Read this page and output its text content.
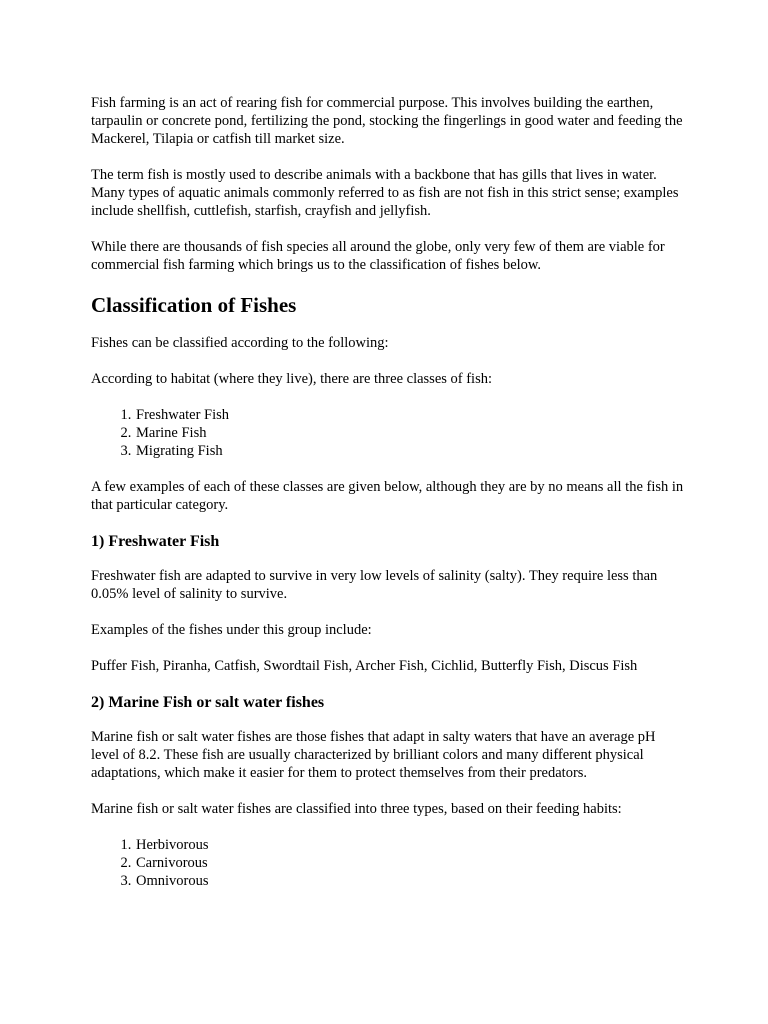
Fish farming is an act of rearing fish for commercial purpose. This involves building the earthen, tarpaulin or concrete pond, fertilizing the pond, stocking the fingerlings in good water and feeding the Mackerel, Tilapia or catfish till market size.

The term fish is mostly used to describe animals with a backbone that has gills that lives in water. Many types of aquatic animals commonly referred to as fish are not fish in this strict sense; examples include shellfish, cuttlefish, starfish, crayfish and jellyfish.

While there are thousands of fish species all around the globe, only very few of them are viable for commercial fish farming which brings us to the classification of fishes below.

Classification of Fishes

Fishes can be classified according to the following:

According to habitat (where they live), there are three classes of fish:

1. Freshwater Fish
2. Marine Fish
3. Migrating Fish

A few examples of each of these classes are given below, although they are by no means all the fish in that particular category.

1) Freshwater Fish

Freshwater fish are adapted to survive in very low levels of salinity (salty). They require less than 0.05% level of salinity to survive.

Examples of the fishes under this group include:

Puffer Fish, Piranha, Catfish, Swordtail Fish, Archer Fish, Cichlid, Butterfly Fish, Discus Fish

2) Marine Fish or salt water fishes

Marine fish or salt water fishes are those fishes that adapt in salty waters that have an average pH level of 8.2. These fish are usually characterized by brilliant colors and many different physical adaptations, which make it easier for them to protect themselves from their predators.

Marine fish or salt water fishes are classified into three types, based on their feeding habits:

1. Herbivorous
2. Carnivorous
3. Omnivorous
